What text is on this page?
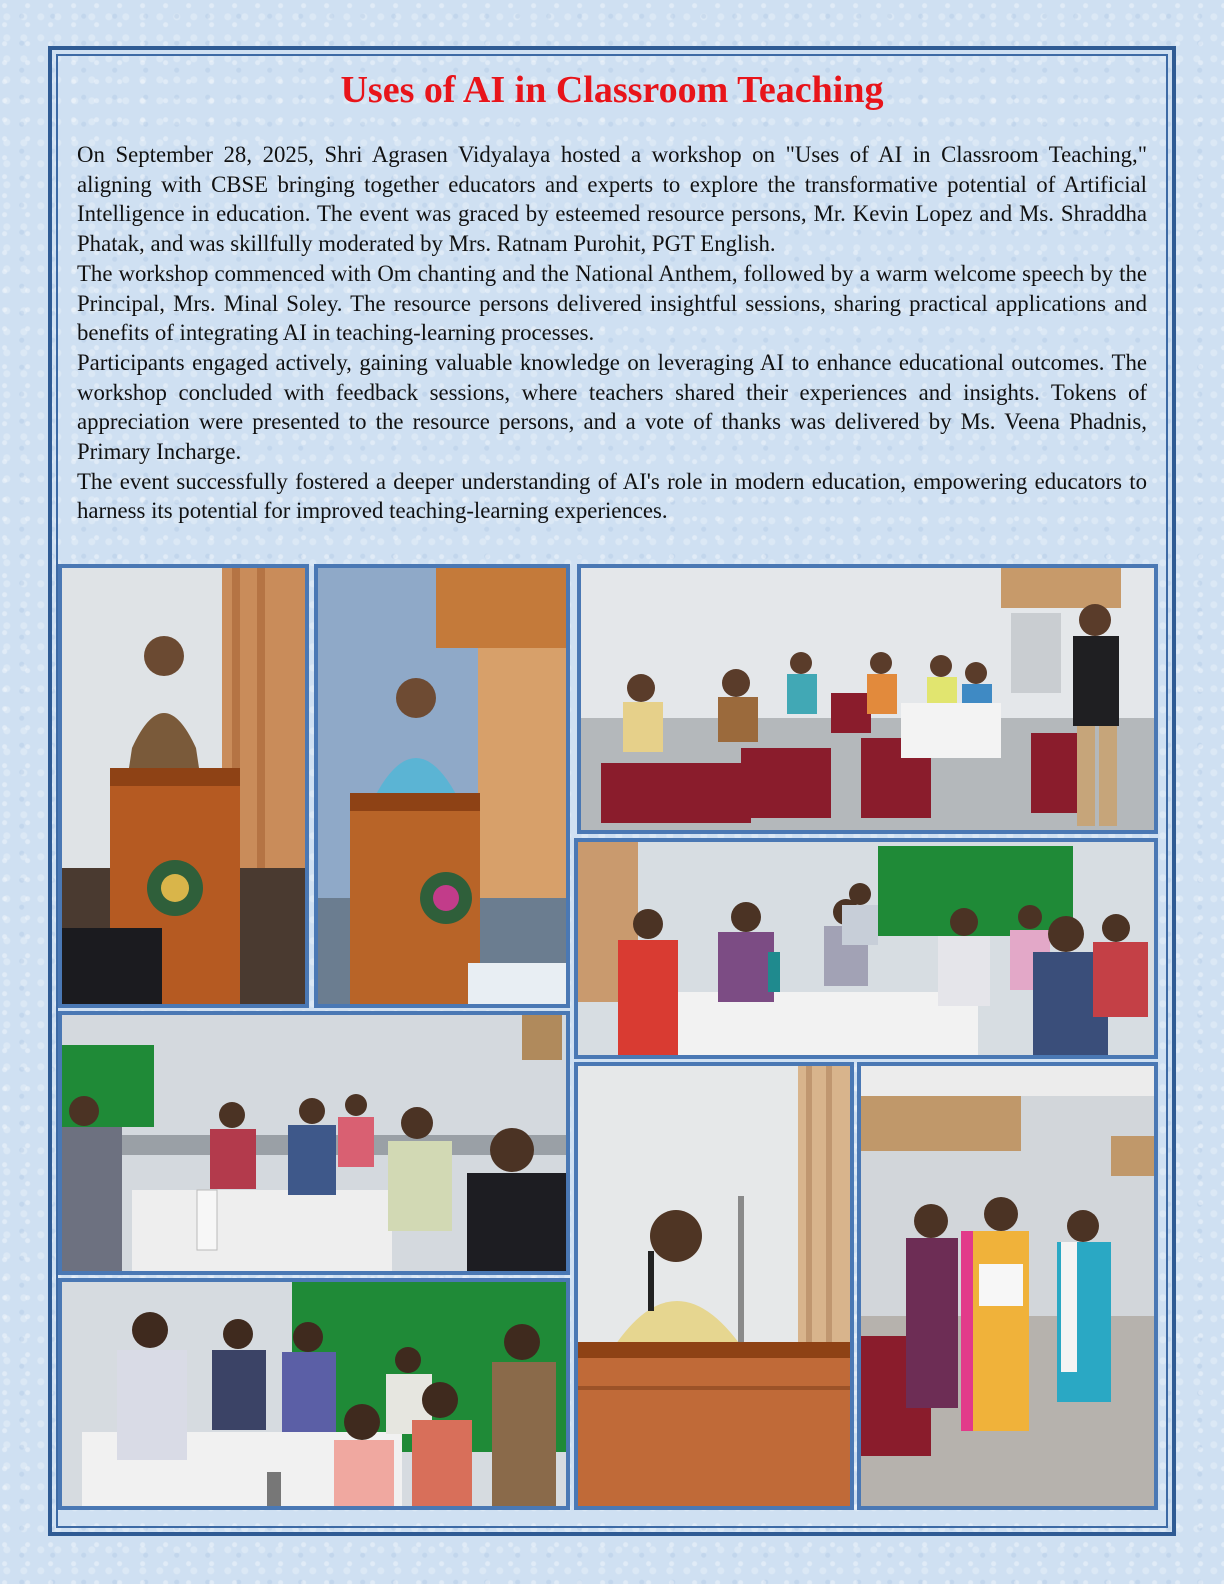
Uses of AI in Classroom Teaching

On September 28, 2025, Shri Agrasen Vidyalaya hosted a workshop on "Uses of AI in Classroom Teaching," aligning with CBSE bringing together educators and experts to explore the transformative potential of Artificial Intelligence in education. The event was graced by esteemed resource persons, Mr. Kevin Lopez and Ms. Shraddha Phatak, and was skillfully moderated by Mrs. Ratnam Purohit, PGT English.

The workshop commenced with Om chanting and the National Anthem, followed by a warm welcome speech by the Principal, Mrs. Minal Soley. The resource persons delivered insightful sessions, sharing practical applications and benefits of integrating AI in teaching-learning processes.

Participants engaged actively, gaining valuable knowledge on leveraging AI to enhance educational outcomes. The workshop concluded with feedback sessions, where teachers shared their experiences and insights. Tokens of appreciation were presented to the resource persons, and a vote of thanks was delivered by Ms. Veena Phadnis, Primary Incharge.

The event successfully fostered a deeper understanding of AI's role in modern education, empowering educators to harness its potential for improved teaching-learning experiences.
